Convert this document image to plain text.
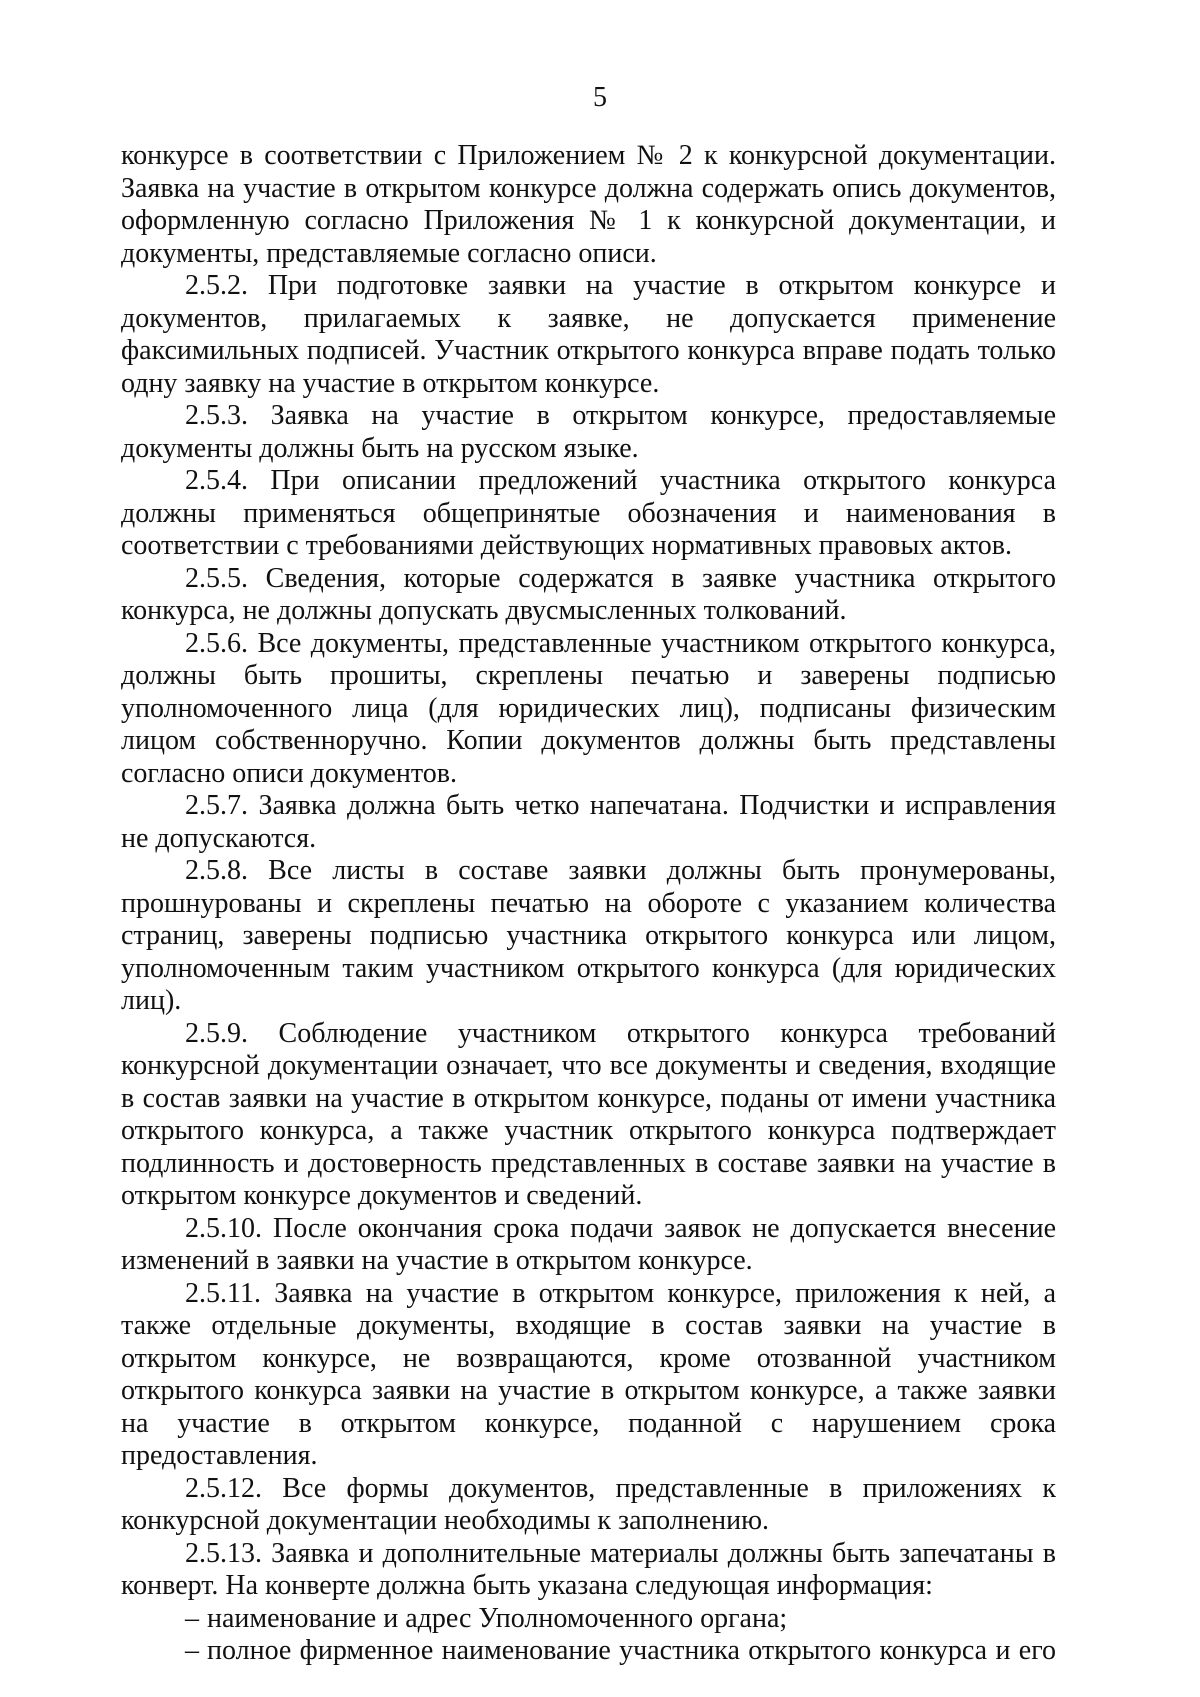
5

конкурсе в соответствии с Приложением № 2 к конкурсной документации. Заявка на участие в открытом конкурсе должна содержать опись документов, оформленную согласно Приложения № 1 к конкурсной документации, и документы, представляемые согласно описи.

2.5.2. При подготовке заявки на участие в открытом конкурсе и документов, прилагаемых к заявке, не допускается применение факсимильных подписей. Участник открытого конкурса вправе подать только одну заявку на участие в открытом конкурсе.

2.5.3. Заявка на участие в открытом конкурсе, предоставляемые документы должны быть на русском языке.

2.5.4. При описании предложений участника открытого конкурса должны применяться общепринятые обозначения и наименования в соответствии с требованиями действующих нормативных правовых актов.

2.5.5. Сведения, которые содержатся в заявке участника открытого конкурса, не должны допускать двусмысленных толкований.

2.5.6. Все документы, представленные участником открытого конкурса, должны быть прошиты, скреплены печатью и заверены подписью уполномоченного лица (для юридических лиц), подписаны физическим лицом собственноручно. Копии документов должны быть представлены согласно описи документов.

2.5.7. Заявка должна быть четко напечатана. Подчистки и исправления не допускаются.

2.5.8. Все листы в составе заявки должны быть пронумерованы, прошнурованы и скреплены печатью на обороте с указанием количества страниц, заверены подписью участника открытого конкурса или лицом, уполномоченным таким участником открытого конкурса (для юридических лиц).

2.5.9. Соблюдение участником открытого конкурса требований конкурсной документации означает, что все документы и сведения, входящие в состав заявки на участие в открытом конкурсе, поданы от имени участника открытого конкурса, а также участник открытого конкурса подтверждает подлинность и достоверность представленных в составе заявки на участие в открытом конкурсе документов и сведений.

2.5.10. После окончания срока подачи заявок не допускается внесение изменений в заявки на участие в открытом конкурсе.

2.5.11. Заявка на участие в открытом конкурсе, приложения к ней, а также отдельные документы, входящие в состав заявки на участие в открытом конкурсе, не возвращаются, кроме отозванной участником открытого конкурса заявки на участие в открытом конкурсе, а также заявки на участие в открытом конкурсе, поданной с нарушением срока предоставления.

2.5.12. Все формы документов, представленные в приложениях к конкурсной документации необходимы к заполнению.

2.5.13. Заявка и дополнительные материалы должны быть запечатаны в конверт. На конверте должна быть указана следующая информация:

– наименование и адрес Уполномоченного органа;

– полное фирменное наименование участника открытого конкурса и его
